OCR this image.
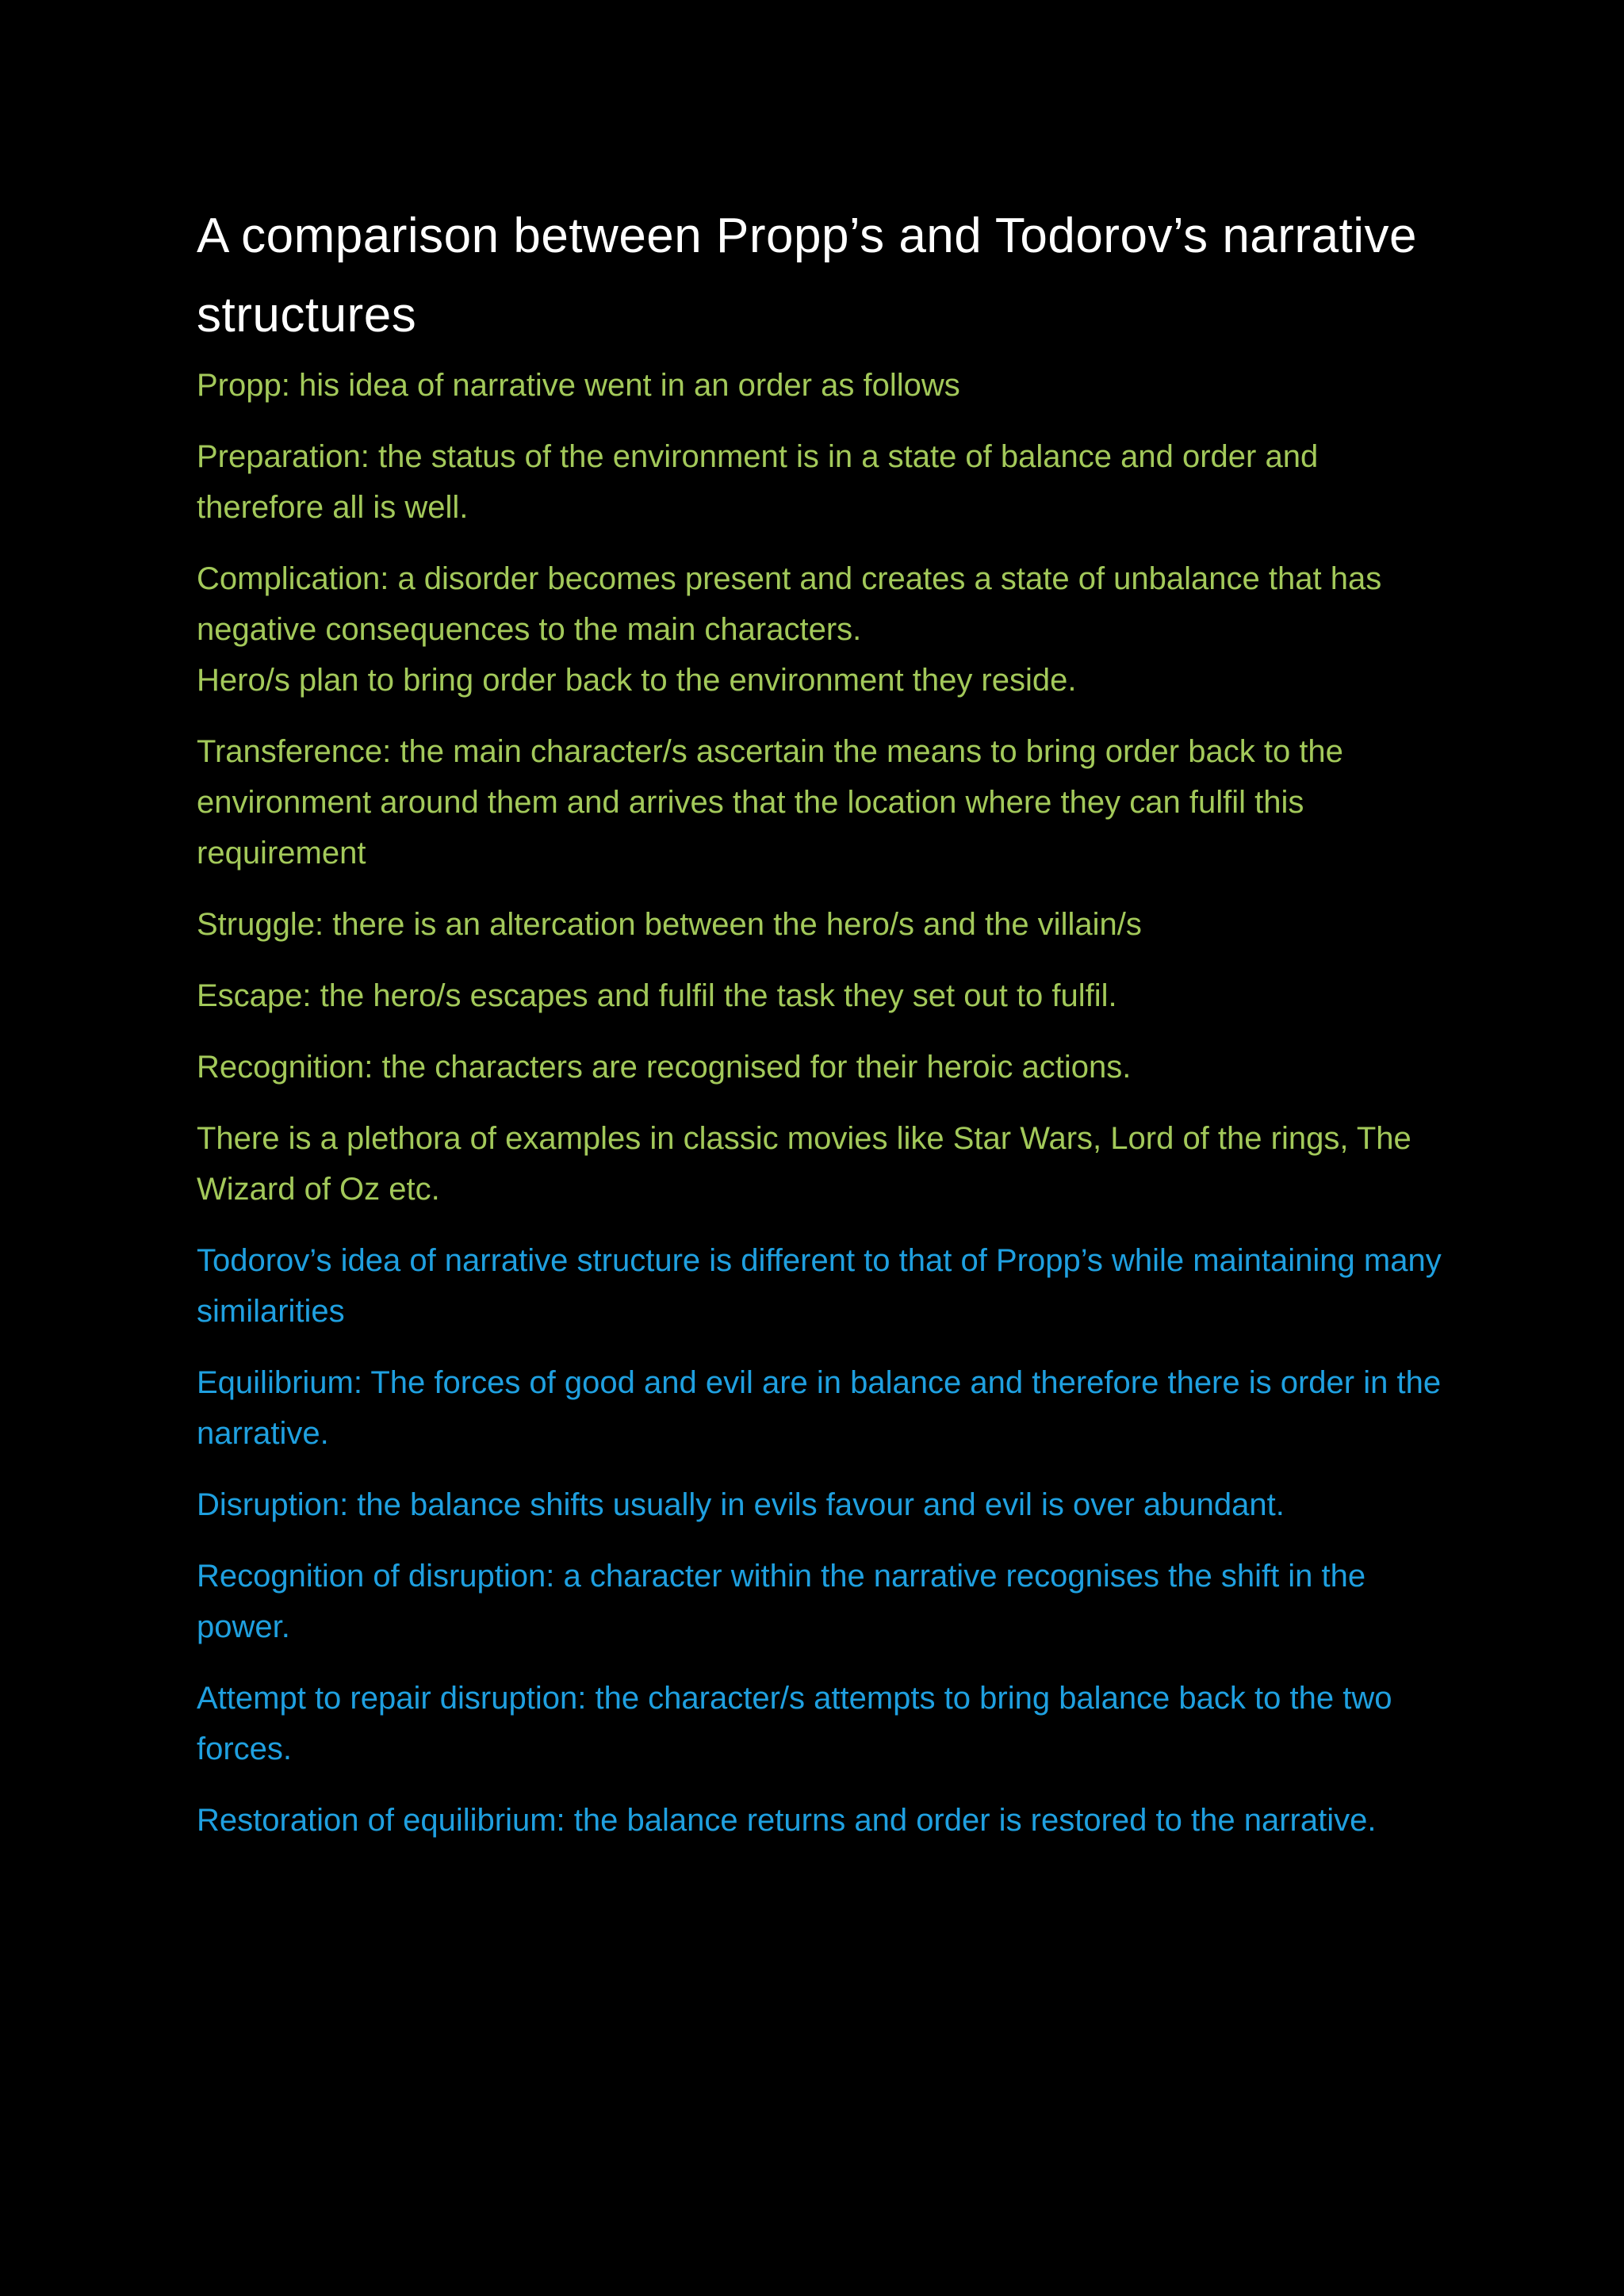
A comparison between Propp’s and Todorov’s narrative structures

Propp: his idea of narrative went in an order as follows

Preparation: the status of the environment is in a state of balance and order and therefore all is well.

Complication: a disorder becomes present and creates a state of unbalance that has negative consequences to the main characters.
Hero/s plan to bring order back to the environment they reside.

Transference: the main character/s ascertain the means to bring order back to the environment around them and arrives that the location where they can fulfil this requirement

Struggle: there is an altercation between the hero/s and the villain/s

Escape: the hero/s escapes and fulfil the task they set out to fulfil.

Recognition: the characters are recognised for their heroic actions.

There is a plethora of examples in classic movies like Star Wars, Lord of the rings, The Wizard of Oz etc.

Todorov’s idea of narrative structure is different to that of Propp’s while maintaining many similarities

Equilibrium: The forces of good and evil are in balance and therefore there is order in the narrative.

Disruption: the balance shifts usually in evils favour and evil is over abundant.

Recognition of disruption: a character within the narrative recognises the shift in the power.

Attempt to repair disruption: the character/s attempts to bring balance back to the two forces.

Restoration of equilibrium: the balance returns and order is restored to the narrative.
